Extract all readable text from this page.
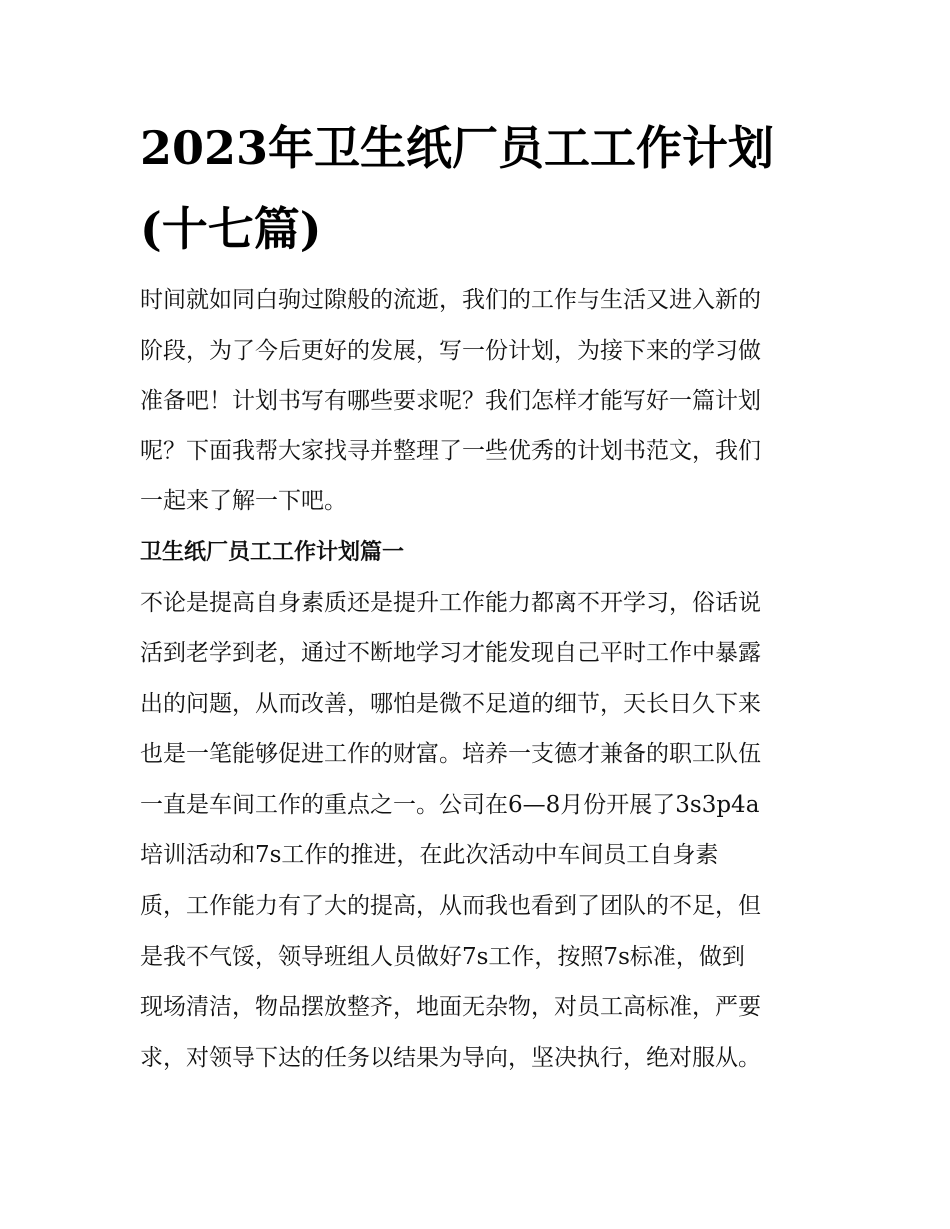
2023年卫生纸厂员工工作计划
(十七篇)

时间就如同白驹过隙般的流逝，我们的工作与生活又进入新的

阶段，为了今后更好的发展，写一份计划，为接下来的学习做

准备吧！计划书写有哪些要求呢？我们怎样才能写好一篇计划

呢？下面我帮大家找寻并整理了一些优秀的计划书范文，我们

一起来了解一下吧。

卫生纸厂员工工作计划篇一

不论是提高自身素质还是提升工作能力都离不开学习，俗话说

活到老学到老，通过不断地学习才能发现自己平时工作中暴露

出的问题，从而改善，哪怕是微不足道的细节，天长日久下来

也是一笔能够促进工作的财富。培养一支德才兼备的职工队伍

一直是车间工作的重点之一。公司在6—8月份开展了3s3p4a

培训活动和7s工作的推进，在此次活动中车间员工自身素

质，工作能力有了大的提高，从而我也看到了团队的不足，但

是我不气馁，领导班组人员做好7s工作，按照7s标准，做到

现场清洁，物品摆放整齐，地面无杂物，对员工高标准，严要

求，对领导下达的任务以结果为导向，坚决执行，绝对服从。
